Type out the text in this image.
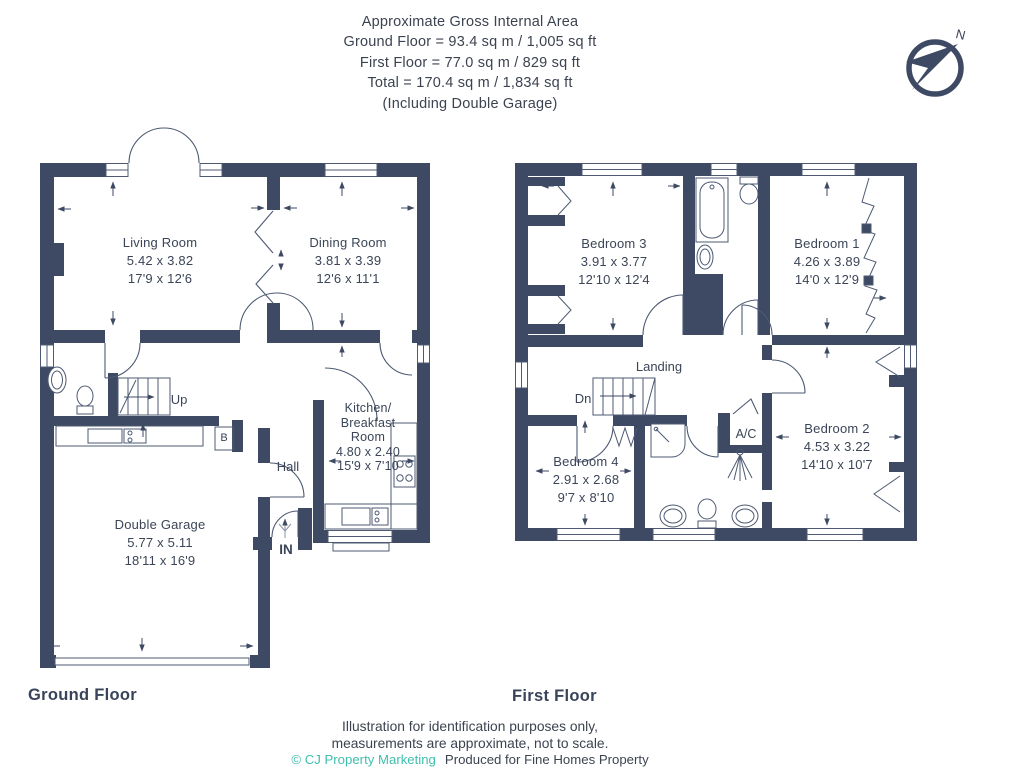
Approximate Gross Internal Area
Ground Floor = 93.4 sq m / 1,005 sq ft
First Floor = 77.0 sq m / 829 sq ft
Total = 170.4 sq m / 1,834 sq ft
(Including Double Garage)
N
Living Room
5.42 x 3.82
17'9 x 12'6
Dining Room
3.81 x 3.39
12'6 x 11'1
Kitchen/
Breakfast
Room
4.80 x 2.40
15'9 x 7'10
Hall
Double Garage
5.77 x 5.11
18'11 x 16'9
Up
B
IN
Bedroom 3
3.91 x 3.77
12'10 x 12'4
Bedroom 1
4.26 x 3.89
14'0 x 12'9
Landing
Dn
Bedroom 4
2.91 x 2.68
9'7 x 8'10
A/C	Bedroom 2
4.53 x 3.22
14'10 x 10'7
Ground Floor	First Floor
Illustration for identification purposes only,
measurements are approximate, not to scale.
© CJ Property Marketing Produced for Fine Homes Property
